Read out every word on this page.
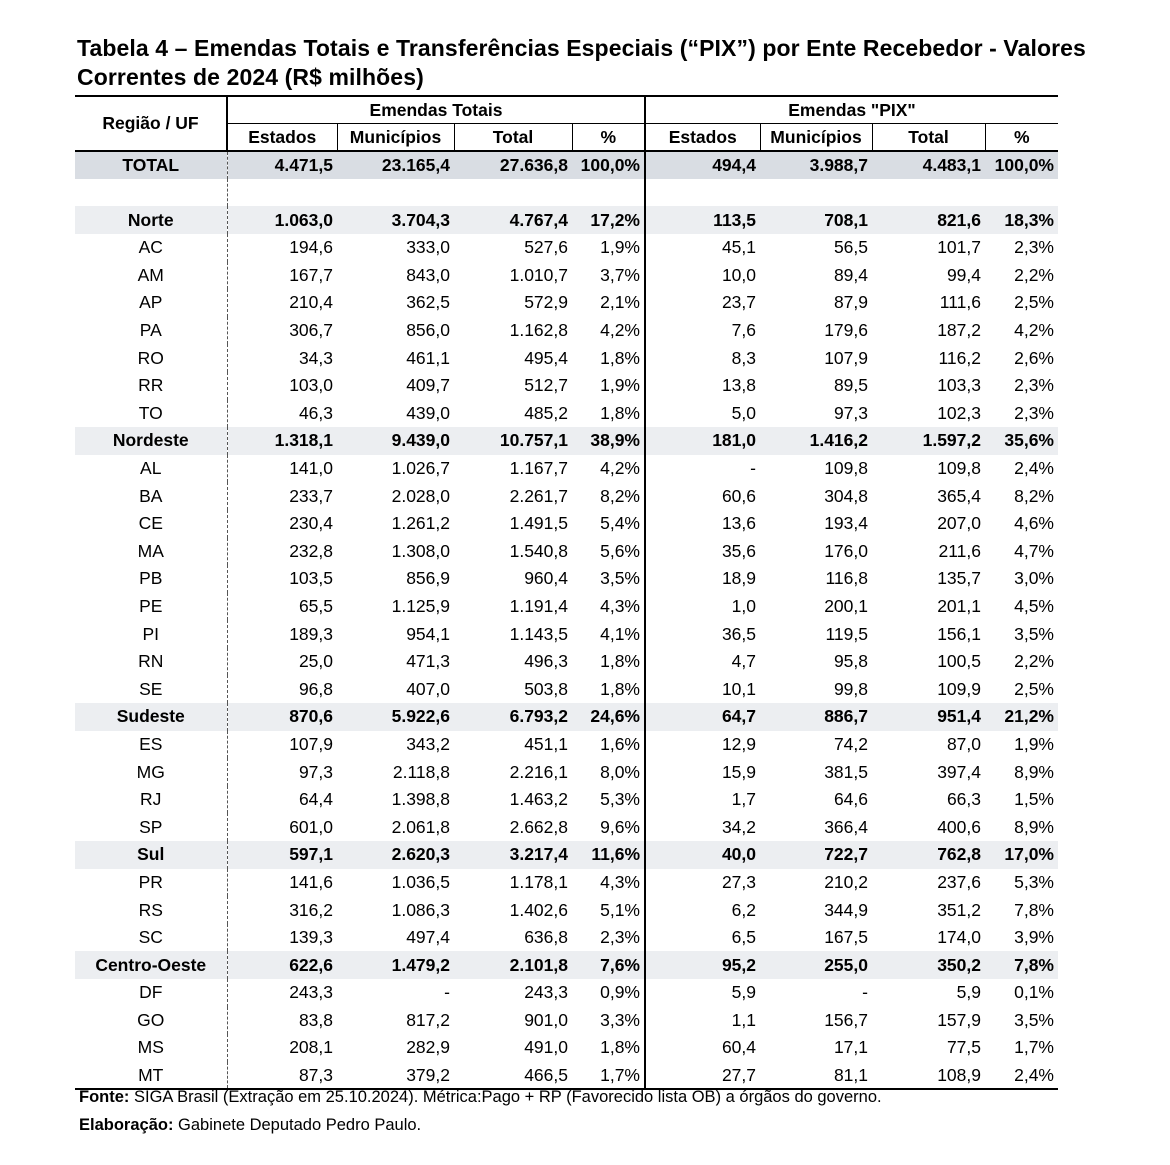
Tabela 4 – Emendas Totais e Transferências Especiais (“PIX”) por Ente Recebedor - Valores Correntes de 2024 (R$ milhões)
Região / UF	Emendas Totais				Emendas "PIX"			
	Estados	Municípios	Total	%	Estados	Municípios	Total	%
TOTAL	4.471,5	23.165,4	27.636,8	100,0%	494,4	3.988,7	4.483,1	100,0%

Norte	1.063,0	3.704,3	4.767,4	17,2%	113,5	708,1	821,6	18,3%
AC	194,6	333,0	527,6	1,9%	45,1	56,5	101,7	2,3%
AM	167,7	843,0	1.010,7	3,7%	10,0	89,4	99,4	2,2%
AP	210,4	362,5	572,9	2,1%	23,7	87,9	111,6	2,5%
PA	306,7	856,0	1.162,8	4,2%	7,6	179,6	187,2	4,2%
RO	34,3	461,1	495,4	1,8%	8,3	107,9	116,2	2,6%
RR	103,0	409,7	512,7	1,9%	13,8	89,5	103,3	2,3%
TO	46,3	439,0	485,2	1,8%	5,0	97,3	102,3	2,3%
Nordeste	1.318,1	9.439,0	10.757,1	38,9%	181,0	1.416,2	1.597,2	35,6%
AL	141,0	1.026,7	1.167,7	4,2%	-	109,8	109,8	2,4%
BA	233,7	2.028,0	2.261,7	8,2%	60,6	304,8	365,4	8,2%
CE	230,4	1.261,2	1.491,5	5,4%	13,6	193,4	207,0	4,6%
MA	232,8	1.308,0	1.540,8	5,6%	35,6	176,0	211,6	4,7%
PB	103,5	856,9	960,4	3,5%	18,9	116,8	135,7	3,0%
PE	65,5	1.125,9	1.191,4	4,3%	1,0	200,1	201,1	4,5%
PI	189,3	954,1	1.143,5	4,1%	36,5	119,5	156,1	3,5%
RN	25,0	471,3	496,3	1,8%	4,7	95,8	100,5	2,2%
SE	96,8	407,0	503,8	1,8%	10,1	99,8	109,9	2,5%
Sudeste	870,6	5.922,6	6.793,2	24,6%	64,7	886,7	951,4	21,2%
ES	107,9	343,2	451,1	1,6%	12,9	74,2	87,0	1,9%
MG	97,3	2.118,8	2.216,1	8,0%	15,9	381,5	397,4	8,9%
RJ	64,4	1.398,8	1.463,2	5,3%	1,7	64,6	66,3	1,5%
SP	601,0	2.061,8	2.662,8	9,6%	34,2	366,4	400,6	8,9%
Sul	597,1	2.620,3	3.217,4	11,6%	40,0	722,7	762,8	17,0%
PR	141,6	1.036,5	1.178,1	4,3%	27,3	210,2	237,6	5,3%
RS	316,2	1.086,3	1.402,6	5,1%	6,2	344,9	351,2	7,8%
SC	139,3	497,4	636,8	2,3%	6,5	167,5	174,0	3,9%
Centro-Oeste	622,6	1.479,2	2.101,8	7,6%	95,2	255,0	350,2	7,8%
DF	243,3	-	243,3	0,9%	5,9	-	5,9	0,1%
GO	83,8	817,2	901,0	3,3%	1,1	156,7	157,9	3,5%
MS	208,1	282,9	491,0	1,8%	60,4	17,1	77,5	1,7%
MT	87,3	379,2	466,5	1,7%	27,7	81,1	108,9	2,4%
Fonte: SIGA Brasil (Extração em 25.10.2024). Métrica:Pago + RP (Favorecido lista OB) a órgãos do governo.
Elaboração: Gabinete Deputado Pedro Paulo.
